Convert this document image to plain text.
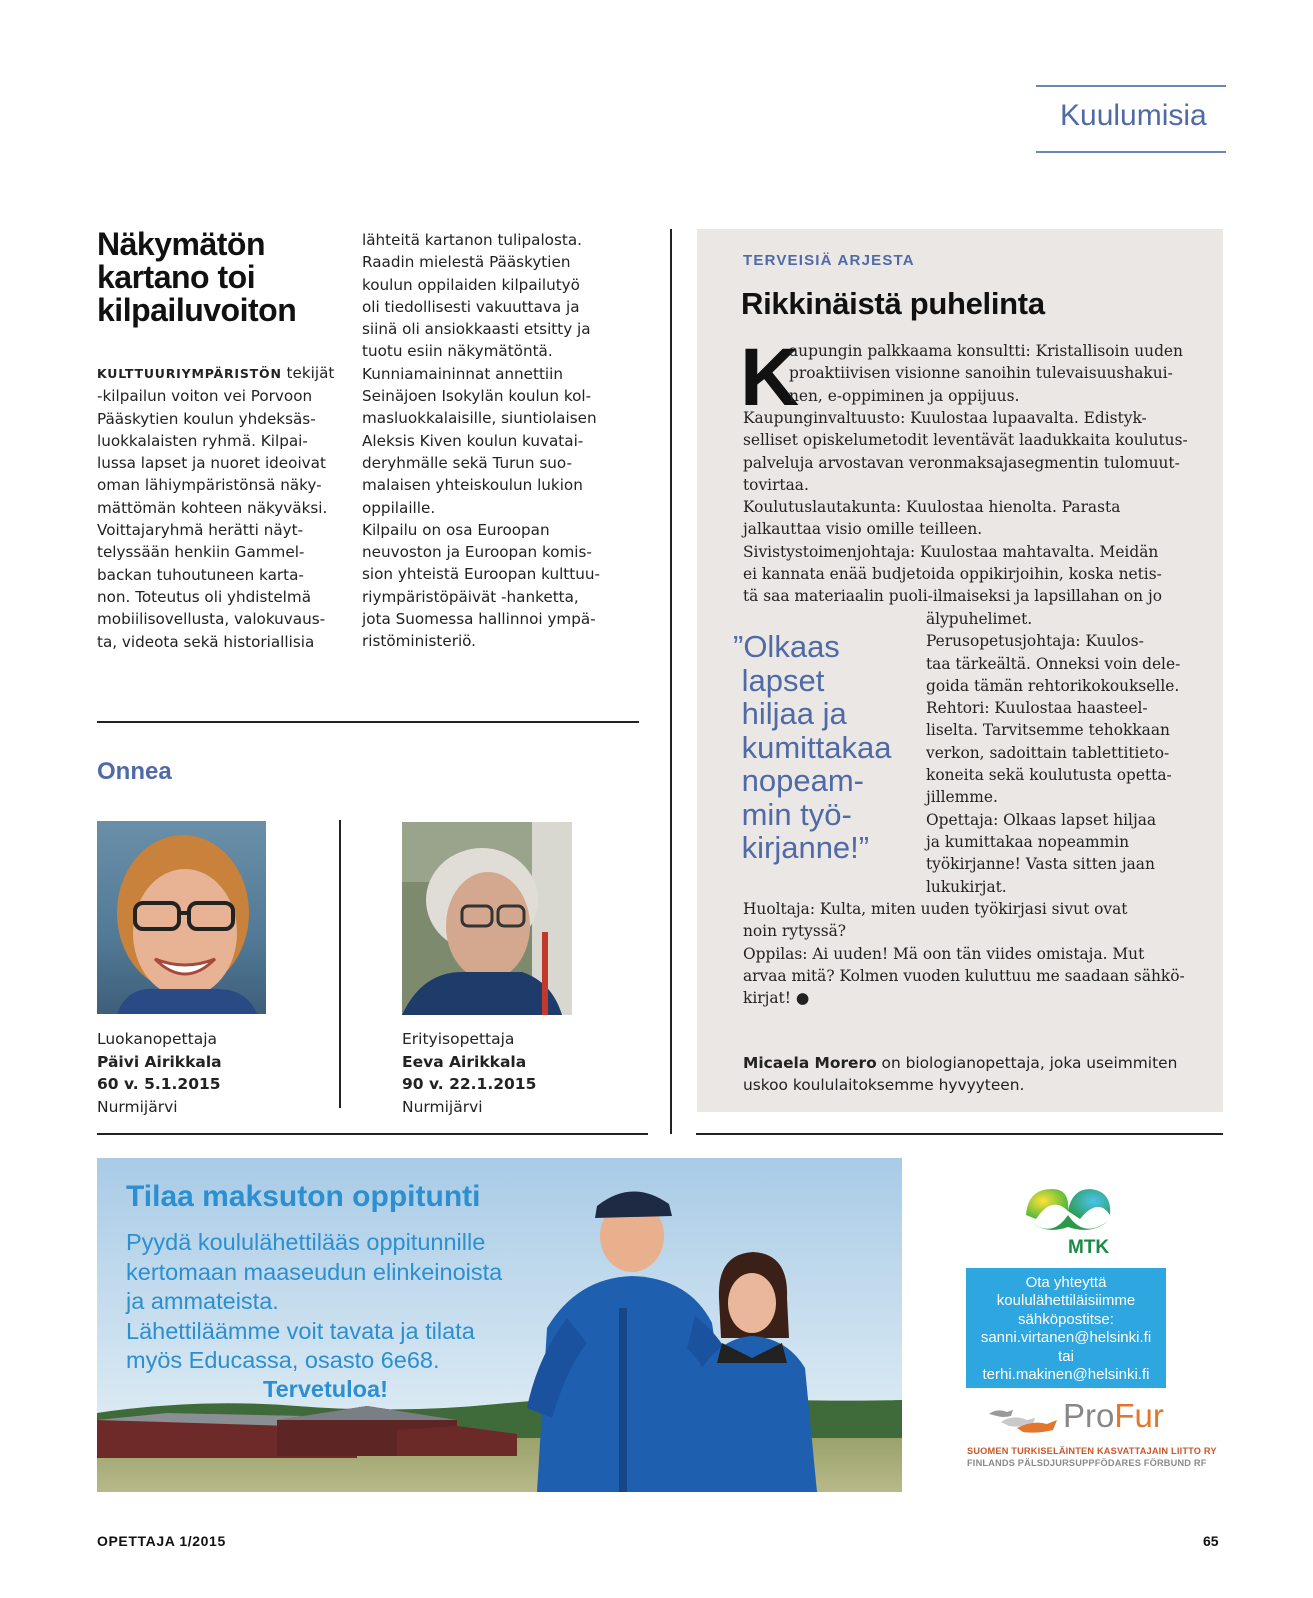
Kuulumisia
Näkymätön kartano toi kilpailuvoiton
KULTTUURIYMPÄRISTÖN tekijät
-kilpailun voiton vei Porvoon
Pääskytien koulun yhdeksäs-
luokkalaisten ryhmä. Kilpai-
lussa lapset ja nuoret ideoivat
oman lähiympäristönsä näky-
mättömän kohteen näkyväksi.
Voittajaryhmä herätti näyt-
telyssään henkiin Gammel-
backan tuhoutuneen karta-
non. Toteutus oli yhdistelmä
mobiilisovellusta, valokuvaus-
ta, videota sekä historiallisia
lähteitä kartanon tulipalosta.
Raadin mielestä Pääskytien
koulun oppilaiden kilpailutyö
oli tiedollisesti vakuuttava ja
siinä oli ansiokkaasti etsitty ja
tuotu esiin näkymätöntä.
Kunniamaininnat annettiin
Seinäjoen Isokylän koulun kol-
masluokkalaisille, siuntiolaisen
Aleksis Kiven koulun kuvatai-
deryhmälle sekä Turun suo-
malaisen yhteiskoulun lukion
oppilaille.
Kilpailu on osa Euroopan
neuvoston ja Euroopan komis-
sion yhteistä Euroopan kulttuu-
riympäristöpäivät -hanketta,
jota Suomessa hallinnoi ympä-
ristöministeriö.
Onnea
Luokanopettaja
Päivi Airikkala
60 v. 5.1.2015
Nurmijärvi
Erityisopettaja
Eeva Airikkala
90 v. 22.1.2015
Nurmijärvi
TERVEISIÄ ARJESTA
Rikkinäistä puhelinta
K
aupungin palkkaama konsultti: Kristallisoin uuden
proaktiivisen visionne sanoihin tulevaisuushakui-
nen, e-oppiminen ja oppijuus.
Kaupunginvaltuusto: Kuulostaa lupaavalta. Edistyk-
selliset opiskelumetodit leventävät laadukkaita koulutus-
palveluja arvostavan veronmaksajasegmentin tulomuut-
tovirtaa.
Koulutuslautakunta: Kuulostaa hienolta. Parasta
jalkauttaa visio omille teilleen.
Sivistystoimenjohtaja: Kuulostaa mahtavalta. Meidän
ei kannata enää budjetoida oppikirjoihin, koska netis-
tä saa materiaalin puoli-ilmaiseksi ja lapsillahan on jo
älypuhelimet.
Perusopetusjohtaja: Kuulos-
taa tärkeältä. Onneksi voin dele-
goida tämän rehtorikokoukselle.
Rehtori: Kuulostaa haasteel-
liselta. Tarvitsemme tehokkaan
verkon, sadoittain tablettitieto-
koneita sekä koulutusta opetta-
jillemme.
Opettaja: Olkaas lapset hiljaa
ja kumittakaa nopeammin
työkirjanne! Vasta sitten jaan
lukukirjat.
Huoltaja: Kulta, miten uuden työkirjasi sivut ovat
noin rytyssä?
Oppilas: Ai uuden! Mä oon tän viides omistaja. Mut
arvaa mitä? Kolmen vuoden kuluttuu me saadaan sähkö-
kirjat! ●
”Olkaas
lapset
hiljaa ja
kumittakaa
nopeam-
min työ-
kirjanne!”
Micaela Morero on biologianopettaja, joka useimmiten
uskoo koululaitoksemme hyvyyteen.
Tilaa maksuton oppitunti
Pyydä koululähettilääs oppitunnille
kertomaan maaseudun elinkeinoista
ja ammateista.
Lähettiläämme voit tavata ja tilata
myös Educassa, osasto 6e68.
Tervetuloa!
MTK
Ota yhteyttä
koululähettiläisiimme
sähköpostitse:
sanni.virtanen@helsinki.fi
tai
terhi.makinen@helsinki.fi
ProFur
SUOMEN TURKISELÄINTEN KASVATTAJAIN LIITTO RY
FINLANDS PÄLSDJURSUPPFÖDARES FÖRBUND RF
OPETTAJA 1/2015	65
